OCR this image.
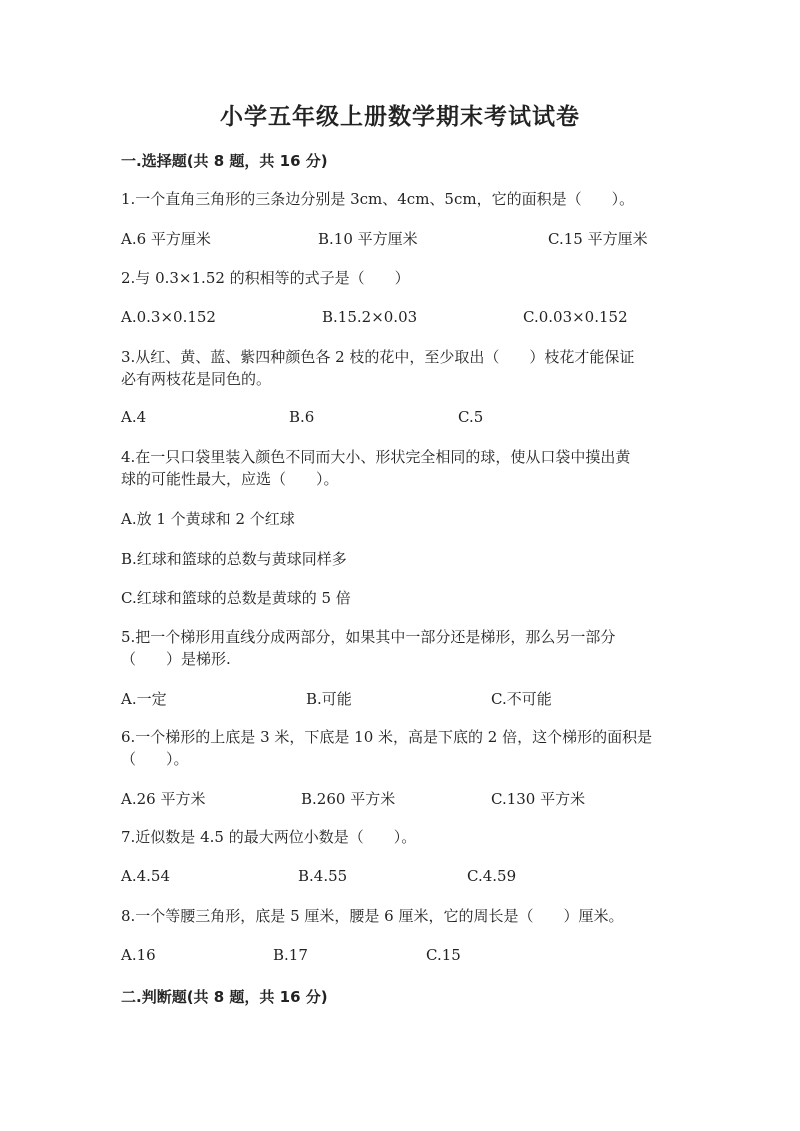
小学五年级上册数学期末考试试卷
一.选择题(共 8 题，共 16 分)
1.一个直角三角形的三条边分别是 3cm、4cm、5cm，它的面积是（　　）。
A.6 平方厘米	B.10 平方厘米	C.15 平方厘米
2.与 0.3×1.52 的积相等的式子是（　　）
A.0.3×0.152	B.15.2×0.03	C.0.03×0.152
3.从红、黄、蓝、紫四种颜色各 2 枝的花中，至少取出（　　）枝花才能保证
必有两枝花是同色的。
A.4	B.6	C.5
4.在一只口袋里装入颜色不同而大小、形状完全相同的球，使从口袋中摸出黄
球的可能性最大，应选（　　）。
A.放 1 个黄球和 2 个红球
B.红球和篮球的总数与黄球同样多
C.红球和篮球的总数是黄球的 5 倍
5.把一个梯形用直线分成两部分，如果其中一部分还是梯形，那么另一部分
（　　）是梯形.
A.一定	B.可能	C.不可能
6.一个梯形的上底是 3 米，下底是 10 米，高是下底的 2 倍，这个梯形的面积是
（　　）。
A.26 平方米	B.260 平方米	C.130 平方米
7.近似数是 4.5 的最大两位小数是（　　）。
A.4.54	B.4.55	C.4.59
8.一个等腰三角形，底是 5 厘米，腰是 6 厘米，它的周长是（　　）厘米。
A.16	B.17	C.15
二.判断题(共 8 题，共 16 分)
